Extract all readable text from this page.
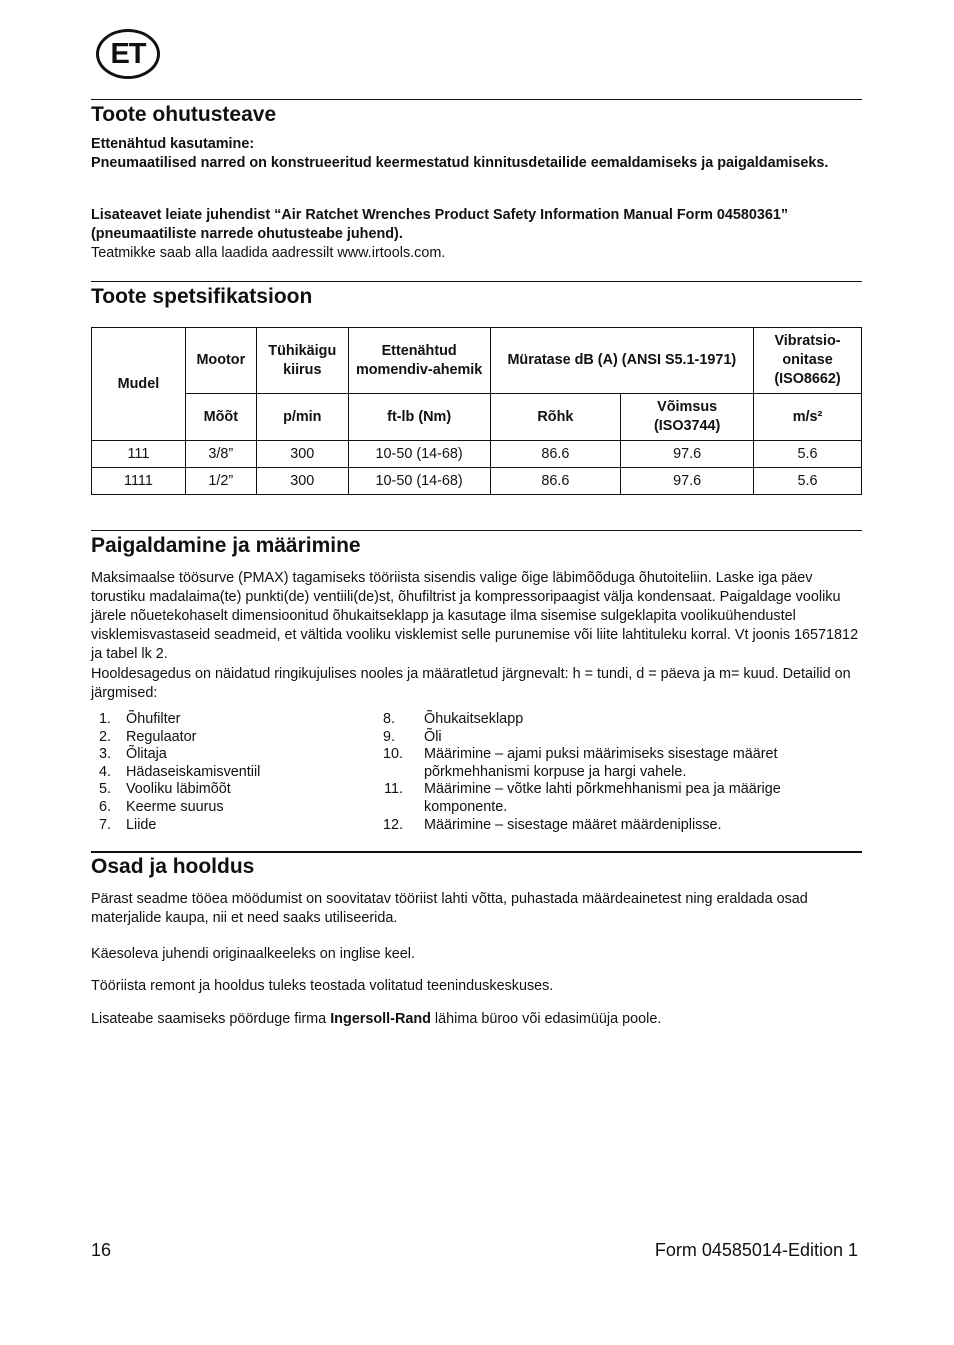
ET
Toote ohutusteave

Ettenähtud kasutamine:

Pneumaatilised narred on konstrueeritud keermestatud kinnitusdetailide eemaldamiseks ja paigaldamiseks.

Lisateavet leiate juhendist “Air Ratchet Wrenches Product Safety Information Manual Form 04580361” (pneumaatiliste narrede ohutusteabe juhend).

Teatmikke saab alla laadida aadressilt www.irtools.com.

Toote spetsifikatsioon
Mudel	Mootor	Tühikäigu kiirus	Ettenähtud momendiv-ahemik	Müratase dB (A) (ANSI S5.1-1971)		Vibratsio-onitase (ISO8662)
	Mõõt	p/min	ft-lb (Nm)	Rõhk	Võimsus (ISO3744)	m/s²
111	3/8”	300	10-50 (14-68)	86.6	97.6	5.6
1111	1/2”	300	10-50 (14-68)	86.6	97.6	5.6
Paigaldamine ja määrimine

Maksimaalse töösurve (PMAX) tagamiseks tööriista sisendis valige õige läbimõõduga õhutoiteliin. Laske iga päev torustiku madalaima(te) punkti(de) ventiili(de)st, õhufiltrist ja kompressoripaagist välja kondensaat. Paigaldage vooliku järele nõuetekohaselt dimensioonitud õhukaitseklapp ja kasutage ilma sisemise sulgeklapita voolikuühendustel visklemisvastaseid seadmeid, et vältida vooliku visklemist selle purunemise või liite lahtituleku korral. Vt joonis 16571812 ja tabel lk 2.

Hooldesagedus on näidatud ringikujulises nooles ja määratletud järgnevalt: h = tundi, d = päeva ja m= kuud. Detailid on järgmised:

1. Õhufilter
2. Regulaator
3. Õlitaja
4. Hädaseiskamisventiil
5. Vooliku läbimõõt
6. Keerme suurus
7. Liide
8. Õhukaitseklapp
9. Õli
10. Määrimine – ajami puksi määrimiseks sisestage määret
põrkmehhanismi korpuse ja hargi vahele.
11. Määrimine – võtke lahti põrkmehhanismi pea ja määrige
komponente.
12. Määrimine – sisestage määret määrdeniplisse.
Osad ja hooldus

Pärast seadme tööea möödumist on soovitatav tööriist lahti võtta, puhastada määrdeainetest ning eraldada osad materjalide kaupa, nii et need saaks utiliseerida.

Käesoleva juhendi originaalkeeleks on inglise keel.

Tööriista remont ja hooldus tuleks teostada volitatud teeninduskeskuses.

Lisateabe saamiseks pöörduge firma Ingersoll-Rand lähima büroo või edasimüüja poole.

16	Form 04585014-Edition 1
